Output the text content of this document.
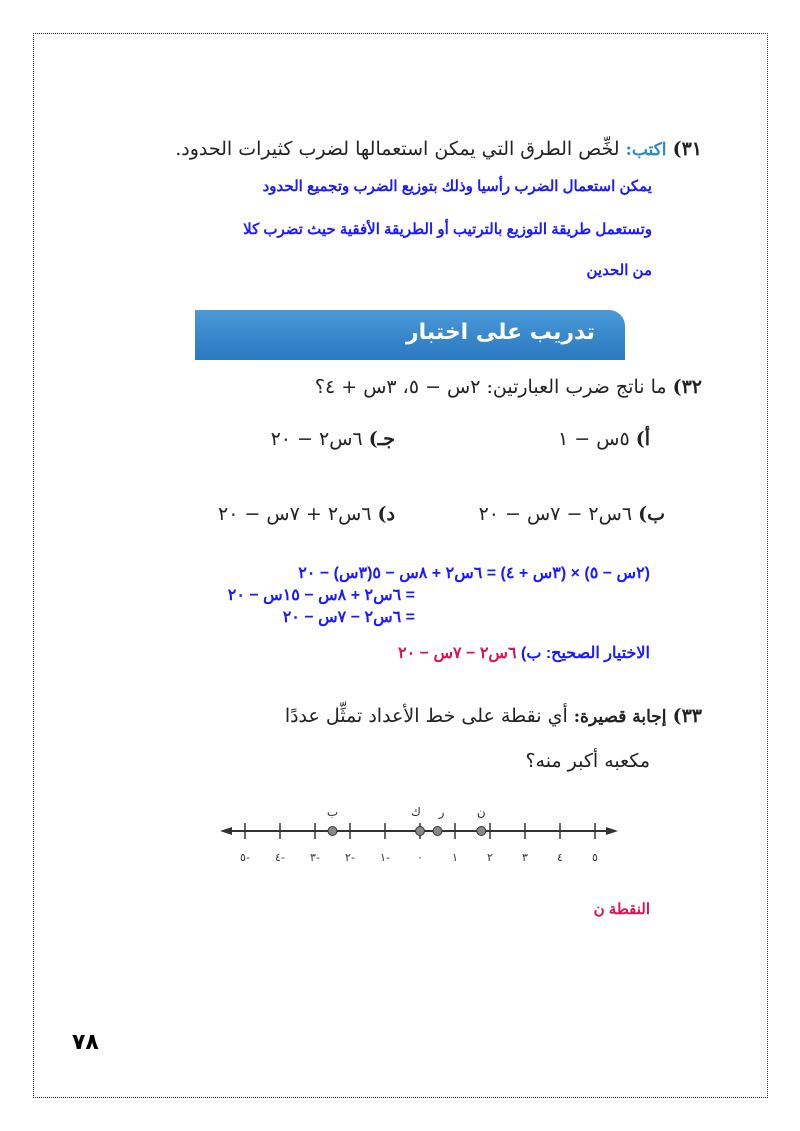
٣١) اكتب: لخِّص الطرق التي يمكن استعمالها لضرب كثيرات الحدود.
يمكن استعمال الضرب رأسيا وذلك بتوزيع الضرب وتجميع الحدود
وتستعمل طريقة التوزيع بالترتيب أو الطريقة الأفقية حيث تضرب كلا
من الحدين
تدريب على اختبار
٣٢) ما ناتج ضرب العبارتين: ٢س − ٥، ٣س + ٤؟
أ) ٥س − ١
جـ) ٦س٢ − ٢٠
ب) ٦س٢ − ٧س − ٢٠
د) ٦س٢ + ٧س − ٢٠
(٢س − ٥) × (٣س + ٤) = ٦س٢ + ٨س − ٥(٣س) − ٢٠
= ٦س٢ + ٨س − ١٥س − ٢٠
= ٦س٢ − ٧س − ٢٠
الاختيار الصحيح: ب) ٦س٢ − ٧س − ٢٠
٣٣) إجابة قصيرة: أي نقطة على خط الأعداد تمثِّل عددًا
مكعبه أكبر منه؟
٥- ٤- ٣- ٢- ١- ٠	١	٢	٣	٤	٥
ب	ك ر	ن
النقطة ن
٧٨
